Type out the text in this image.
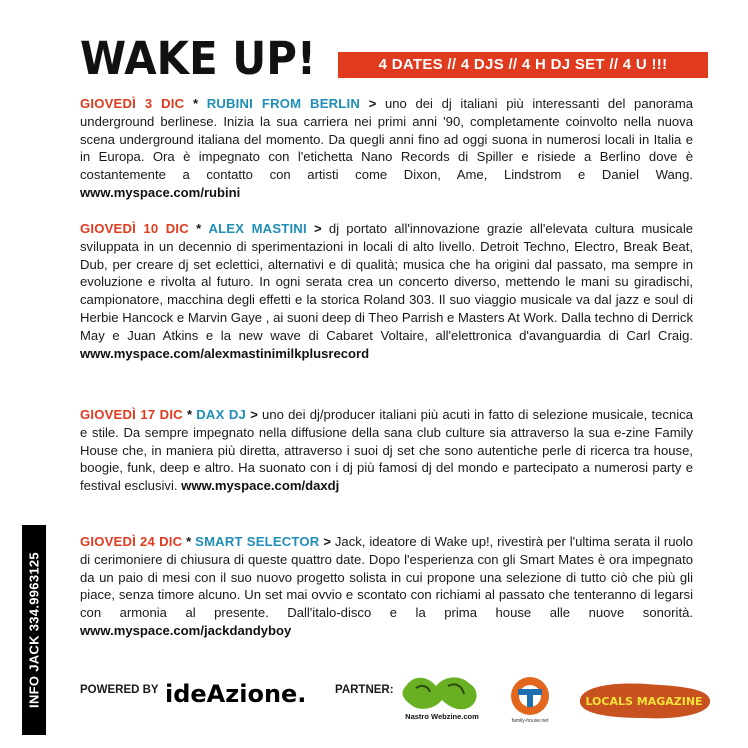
WAKE UP!	4 DATES // 4 DJS // 4 H DJ SET // 4 U !!!
INFO JACK 334.9963125
GIOVEDÌ 3 DIC * RUBINI FROM BERLIN > uno dei dj italiani più interessanti del panorama underground berlinese. Inizia la sua carriera nei primi anni '90, completamente coinvolto nella nuova scena underground italiana del momento. Da quegli anni fino ad oggi suona in numerosi locali in Italia e in Europa. Ora è impegnato con l'etichetta Nano Records di Spiller e risiede a Berlino dove è costantemente a contatto con artisti come Dixon, Ame, Lindstrom e Daniel Wang. www.myspace.com/rubini
GIOVEDÌ 10 DIC * ALEX MASTINI > dj portato all'innovazione grazie all'elevata cultura musicale sviluppata in un decennio di sperimentazioni in locali di alto livello. Detroit Techno, Electro, Break Beat, Dub, per creare dj set eclettici, alternativi e di qualità; musica che ha origini dal passato, ma sempre in evoluzione e rivolta al futuro. In ogni serata crea un concerto diverso, mettendo le mani su giradischi, campionatore, macchina degli effetti e la storica Roland 303. Il suo viaggio musicale va dal jazz e soul di Herbie Hancock e Marvin Gaye , ai suoni deep di Theo Parrish e Masters At Work. Dalla techno di Derrick May e Juan Atkins e la new wave di Cabaret Voltaire, all'elettronica d'avanguardia di Carl Craig. www.myspace.com/alexmastinimilkplusrecord
GIOVEDÌ 17 DIC * DAX DJ > uno dei dj/producer italiani più acuti in fatto di selezione musicale, tecnica e stile. Da sempre impegnato nella diffusione della sana club culture sia attraverso la sua e-zine Family House che, in maniera più diretta, attraverso i suoi dj set che sono autentiche perle di ricerca tra house, boogie, funk, deep e altro. Ha suonato con i dj più famosi dj del mondo e partecipato a numerosi party e festival esclusivi. www.myspace.com/daxdj
GIOVEDÌ 24 DIC * SMART SELECTOR > Jack, ideatore di Wake up!, rivestirà per l'ultima serata il ruolo di cerimoniere di chiusura di queste quattro date. Dopo l'esperienza con gli Smart Mates è ora impegnato da un paio di mesi con il suo nuovo progetto solista in cui propone una selezione di tutto ciò che più gli piace, senza timore alcuno. Un set mai ovvio e scontato con richiami al passato che tenteranno di legarsi con armonia al presente. Dall'italo-disco e la prima house alle nuove sonorità. www.myspace.com/jackdandyboy
POWERED BY ideAzione. PARTNER:
Nastro Webzine.com	family-house.net
LOCALS MAGAZINE
